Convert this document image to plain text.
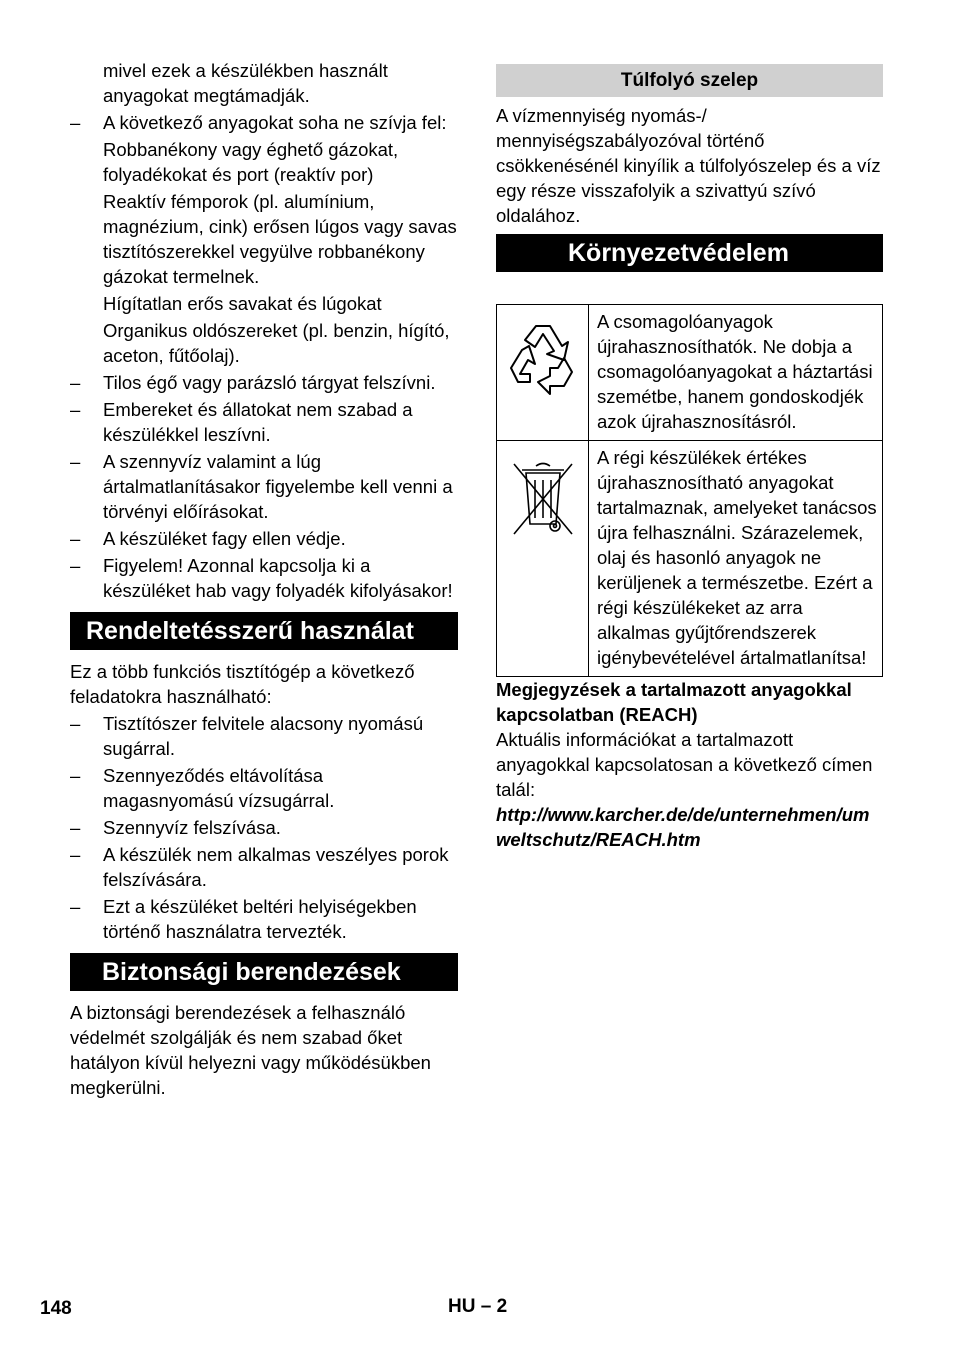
mivel ezek a készülékben használt

anyagokat megtámadják.

– A következő anyagokat soha ne szívja fel:

Robbanékony vagy éghető gázokat, folyadékokat és port (reaktív por)

Reaktív fémporok (pl. alumínium, magnézium, cink) erősen lúgos vagy savas tisztítószerekkel vegyülve robbanékony gázokat termelnek.

Hígítatlan erős savakat és lúgokat

Organikus oldószereket (pl. benzin, hígító, aceton, fűtőolaj).

– Tilos égő vagy parázsló tárgyat felszívni.
– Embereket és állatokat nem szabad a készülékkel leszívni.
– A szennyvíz valamint a lúg ártalmatlanításakor figyelembe kell venni a törvényi előírásokat.
– A készüléket fagy ellen védje.
– Figyelem! Azonnal kapcsolja ki a készüléket hab vagy folyadék kifolyásakor!
Rendeltetésszerű használat

Ez a több funkciós tisztítógép a következő feladatokra használható:

– Tisztítószer felvitele alacsony nyomású sugárral.
– Szennyeződés eltávolítása magasnyomású vízsugárral.
– Szennyvíz felszívása.
– A készülék nem alkalmas veszélyes porok felszívására.
– Ezt a készüléket beltéri helyiségekben történő használatra tervezték.
Biztonsági berendezések

A biztonsági berendezések a felhasználó védelmét szolgálják és nem szabad őket hatályon kívül helyezni vagy működésükben megkerülni.

Túlfolyó szelep

A vízmennyiség nyomás-/ mennyiségszabályozóval történő csökkenésénél kinyílik a túlfolyószelep és a víz egy része visszafolyik a szivattyú szívó oldalához.

Környezetvédelem
	A csomagolóanyagok újrahasznosíthatók. Ne dobja a csomagolóanyagokat a háztartási szemétbe, hanem gondoskodjék azok újrahasznosításról.
	A régi készülékek értékes újrahasznosítható anyagokat tartalmaznak, amelyeket tanácsos újra felhasználni. Szárazelemek, olaj és hasonló anyagok ne kerüljenek a természetbe. Ezért a régi készülékeket az arra alkalmas gyűjtőrendszerek igénybevételével ártalmatlanítsa!

Megjegyzések a tartalmazott anyagokkal kapcsolatban (REACH)

Aktuális információkat a tartalmazott anyagokkal kapcsolatosan a következő címen talál:

http://www.karcher.de/de/unternehmen/umweltschutz/REACH.htm

148	HU – 2
